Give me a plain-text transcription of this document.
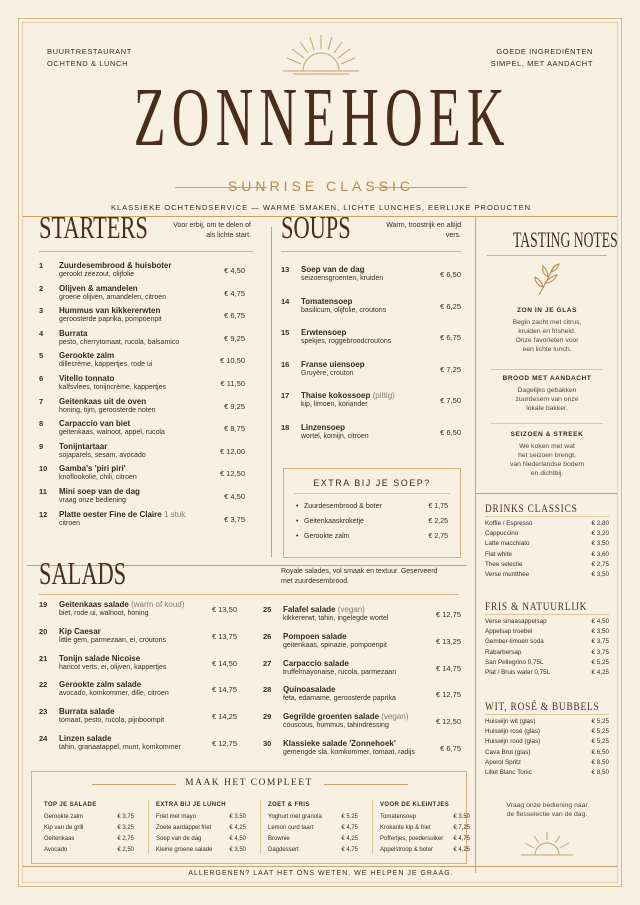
BUURTRESTAURANT
OCHTEND & LUNCH
GOEDE INGREDIËNTEN
SIMPEL, MET AANDACHT
ZONNEHOEK
SUNRISE CLASSIC
KLASSIEKE OCHTENDSERVICE — WARME SMAKEN, LICHTE LUNCHES, EERLIJKE PRODUCTEN
STARTERS	Voor erbij, om te delen of als lichte start.
1 Zuurdesembrood & huisboter
gerookt zeezout, olijfolie	€ 4,50
2 Olijven & amandelen
groene olijven, amandelen, citroen	€ 4,75
3 Hummus van kikkererwten
geroosterde paprika, pompoenpit	€ 6,75
4 Burrata
pesto, cherrytomaat, rucola, balsamico	€ 9,25
5 Gerookte zalm
dillecrème, kappertjes, rode ui	€ 10,50
6 Vitello tonnato
kalfsvlees, tonijncrème, kappertjes	€ 11,50
7 Geitenkaas uit de oven
honing, tijm, geroosterde noten	€ 9,25
8 Carpaccio van biet
geitenkaas, walnoot, appel, rucola	€ 8,75
9 Tonijntartaar
sojaparels, sesam, avocado	€ 12,00
10 Gamba's 'piri piri'
knoflookolie, chili, citroen	€ 12,50
11 Mini soep van de dag
vraag onze bediening	€ 4,50
12 Platte oester Fine de Claire 1 stuk
citroen	€ 3,75
SOUPS	Warm, troostrijk en altijd vers.
13 Soep van de dag
seizoensgroenten, kruiden	€ 6,50
14 Tomatensoep
basilicum, olijfolie, croutons	€ 6,25
15 Erwtensoep
spekjes, roggebroodcroutons	€ 6,75
16 Franse uiensoep
Gruyère, crouton	€ 7,25
17 Thaise kokossoep (pittig)
kip, limoen, koriander	€ 7,50
18 Linzensoep
wortel, komijn, citroen	€ 6,50
EXTRA BIJ JE SOEP?
• Zuurdesembrood & boter	€ 1,75
• Geitenkaaskroketje	€ 2,25
• Gerookte zalm	€ 2,75
SALADS	Royale salades, vol smaak en textuur. Geserveerd met zuurdesembrood.
19 Geitenkaas salade (warm of koud)
biet, rode ui, walnoot, honing	€ 13,50
20 Kip Caesar
little gem, parmezaan, ei, croutons	€ 13,75
21 Tonijn salade Nicoise
haricot verts, ei, olijven, kappertjes	€ 14,50
22 Gerookte zalm salade
avocado, komkommer, dille, citroen	€ 14,75
23 Burrata salade
tomaat, pesto, rucola, pijnboompit	€ 14,25
24 Linzen salade
tahin, granaatappel, munt, komkommer	€ 12,75
25 Falafel salade (vegan)
kikkererwt, tahin, ingelegde wortel	€ 12,75
26 Pompoen salade
geitenkaas, spinazie, pompoenpit	€ 13,25
27 Carpaccio salade
truffelmayonaise, rucola, parmezaan	€ 14,75
28 Quinoasalade
feta, edamame, geroosterde paprika	€ 12,75
29 Gegrilde groenten salade (vegan)
couscous, hummus, tahindressing	€ 12,50
30 Klassieke salade 'Zonnehoek'
gemengde sla, komkommer, tomaat, radijs	€ 6,75
TASTING NOTES
ZON IN JE GLAS
Begin zacht met citrus,
kruiden en frisheid.
Onze favorieten voor
een lichte lunch.
BROOD MET AANDACHT
Dagelijks gebakken
zuurdesem van onze
lokale bakker.
SEIZOEN & STREEK
We koken met wat
het seizoen brengt,
van Nederlandse bodem
en dichtbij.
DRINKS CLASSICS
Koffie / Espresso	€ 2,80
Cappuccino	€ 3,20
Latte macchiato	€ 3,50
Flat white	€ 3,60
Thee selectie	€ 2,75
Verse muntthee	€ 3,50
FRIS & NATUURLIJK
Verse sinaasappelsap	€ 4,50
Appelsap troebel	€ 3,50
Gember-limoen soda	€ 3,75
Rabarbersap	€ 3,75
San Pellegrino 0,75L	€ 5,25
Plat / Bruis water 0,75L	€ 4,25
WIT, ROSÉ & BUBBELS
Huiswijn wit (glas)	€ 5,25
Huiswijn rosé (glas)	€ 5,25
Huiswijn rood (glas)	€ 5,25
Cava Brut (glas)	€ 6,50
Aperol Spritz	€ 8,50
Lillet Blanc Tonic	€ 8,50
Vraag onze bediening naar
de flesselectie van de dag.
MAAK HET COMPLEET
TOP JE SALADE
Gerookte zalm	€ 3,75
Kip van de grill	€ 3,25
Geitenkaas	€ 2,75
Avocado	€ 2,50
EXTRA BIJ JE LUNCH
Friet met mayo	€ 3,50
Zoete aardappel friet	€ 4,25
Soep van de dag	€ 4,50
Kleine groene salade	€ 3,50
ZOET & FRIS
Yoghurt met granola	€ 5,25
Lemon curd taart	€ 4,75
Brownie	€ 4,25
Dagdessert	€ 4,75
VOOR DE KLEINTJES
Tomatensoep	€ 3,50
Krokante kip & friet	€ 7,25
Poffertjes, poedersuiker € 4,75
Appelstroop & boter	€ 4,25
ALLERGENEN? LAAT HET ONS WETEN. WE HELPEN JE GRAAG.
